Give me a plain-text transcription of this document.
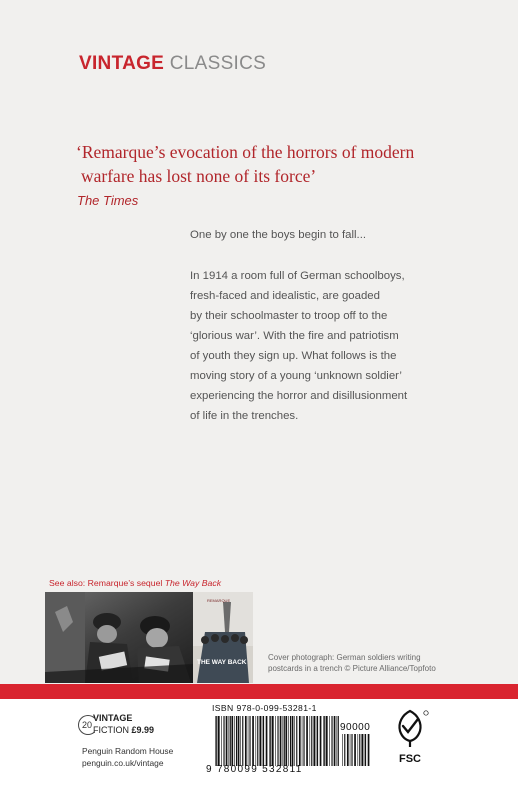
VINTAGE CLASSICS
‘Remarque’s evocation of the horrors of modern
warfare has lost none of its force’
The Times
One by one the boys begin to fall...
In 1914 a room full of German schoolboys,
fresh-faced and idealistic, are goaded
by their schoolmaster to troop off to the
‘glorious war’. With the fire and patriotism
of youth they sign up. What follows is the
moving story of a young ‘unknown soldier’
experiencing the horror and disillusionment
of life in the trenches.
See also: Remarque’s sequel The Way Back
REMARQUE
THE WAY BACK
Cover photograph: German soldiers writing
postcards in a trench © Picture Alliance/Topfoto
20
VINTAGE
FICTION £9.99
Penguin Random House
penguin.co.uk/vintage
ISBN 978-0-099-53281-1
90000
9 780099 532811
FSC
